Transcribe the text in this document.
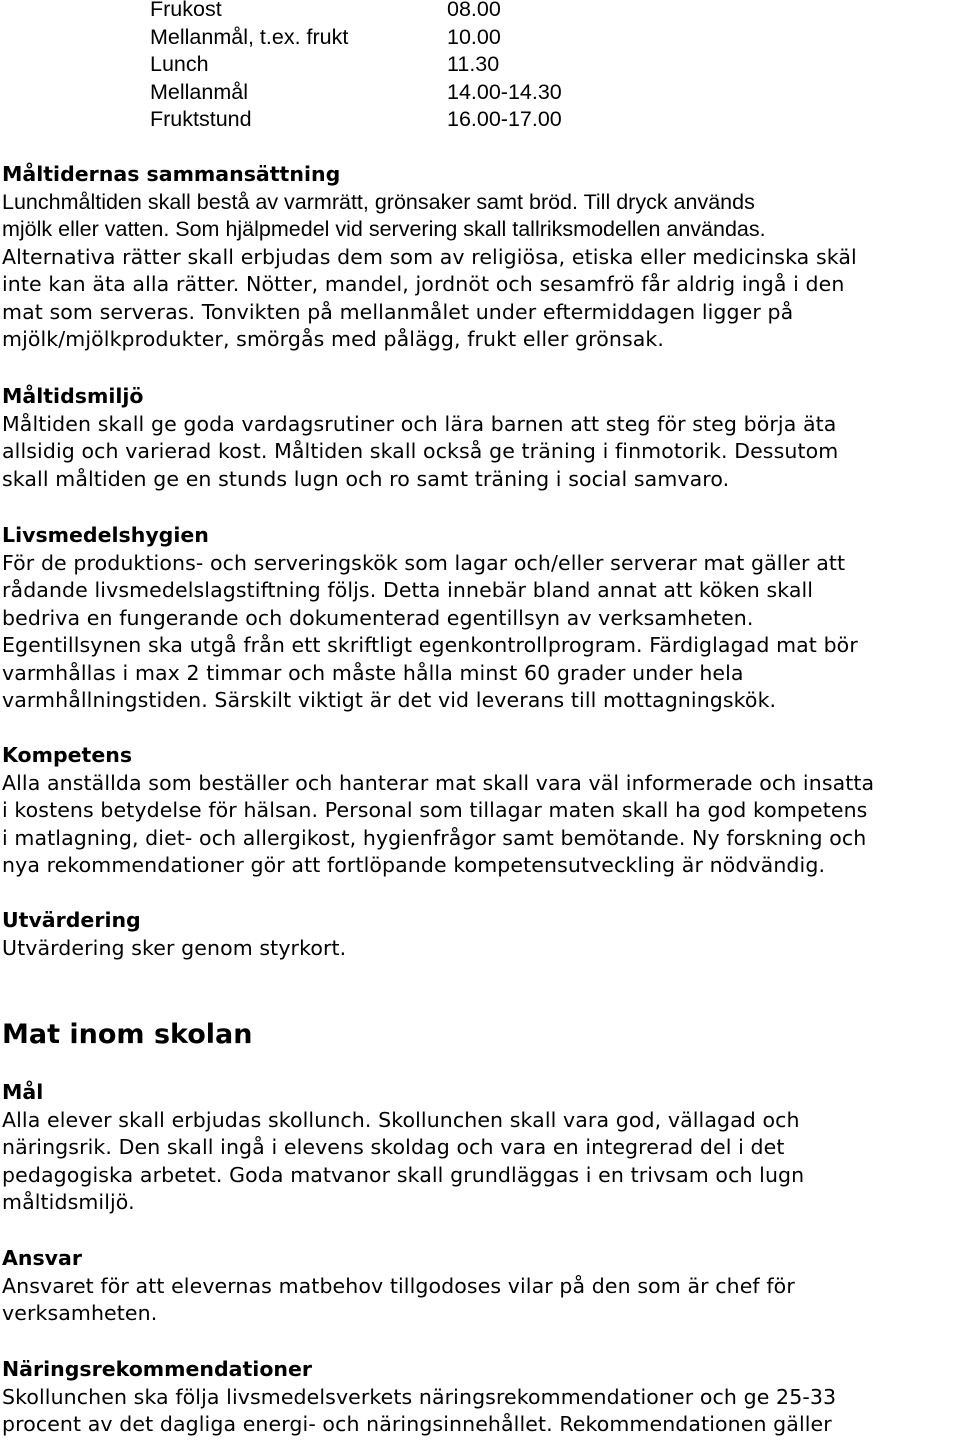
Frukost	08.00
Mellanmål, t.ex. frukt	10.00
Lunch	11.30
Mellanmål	14.00-14.30
Fruktstund	16.00-17.00
Måltidernas sammansättning
Lunchmåltiden skall bestå av varmrätt, grönsaker samt bröd. Till dryck används
mjölk eller vatten. Som hjälpmedel vid servering skall tallriksmodellen användas.
Alternativa rätter skall erbjudas dem som av religiösa, etiska eller medicinska skäl
inte kan äta alla rätter. Nötter, mandel, jordnöt och sesamfrö får aldrig ingå i den
mat som serveras. Tonvikten på mellanmålet under eftermiddagen ligger på
mjölk/mjölkprodukter, smörgås med pålägg, frukt eller grönsak.
Måltidsmiljö
Måltiden skall ge goda vardagsrutiner och lära barnen att steg för steg börja äta
allsidig och varierad kost. Måltiden skall också ge träning i finmotorik. Dessutom
skall måltiden ge en stunds lugn och ro samt träning i social samvaro.
Livsmedelshygien
För de produktions- och serveringskök som lagar och/eller serverar mat gäller att
rådande livsmedelslagstiftning följs. Detta innebär bland annat att köken skall
bedriva en fungerande och dokumenterad egentillsyn av verksamheten.
Egentillsynen ska utgå från ett skriftligt egenkontrollprogram. Färdiglagad mat bör
varmhållas i max 2 timmar och måste hålla minst 60 grader under hela
varmhållningstiden. Särskilt viktigt är det vid leverans till mottagningskök.
Kompetens
Alla anställda som beställer och hanterar mat skall vara väl informerade och insatta
i kostens betydelse för hälsan. Personal som tillagar maten skall ha god kompetens
i matlagning, diet- och allergikost, hygienfrågor samt bemötande. Ny forskning och
nya rekommendationer gör att fortlöpande kompetensutveckling är nödvändig.
Utvärdering
Utvärdering sker genom styrkort.
Mat inom skolan
Mål
Alla elever skall erbjudas skollunch. Skollunchen skall vara god, vällagad och
näringsrik. Den skall ingå i elevens skoldag och vara en integrerad del i det
pedagogiska arbetet. Goda matvanor skall grundläggas i en trivsam och lugn
måltidsmiljö.
Ansvar
Ansvaret för att elevernas matbehov tillgodoses vilar på den som är chef för
verksamheten.
Näringsrekommendationer
Skollunchen ska följa livsmedelsverkets näringsrekommendationer och ge 25-33
procent av det dagliga energi- och näringsinnehållet. Rekommendationen gäller
